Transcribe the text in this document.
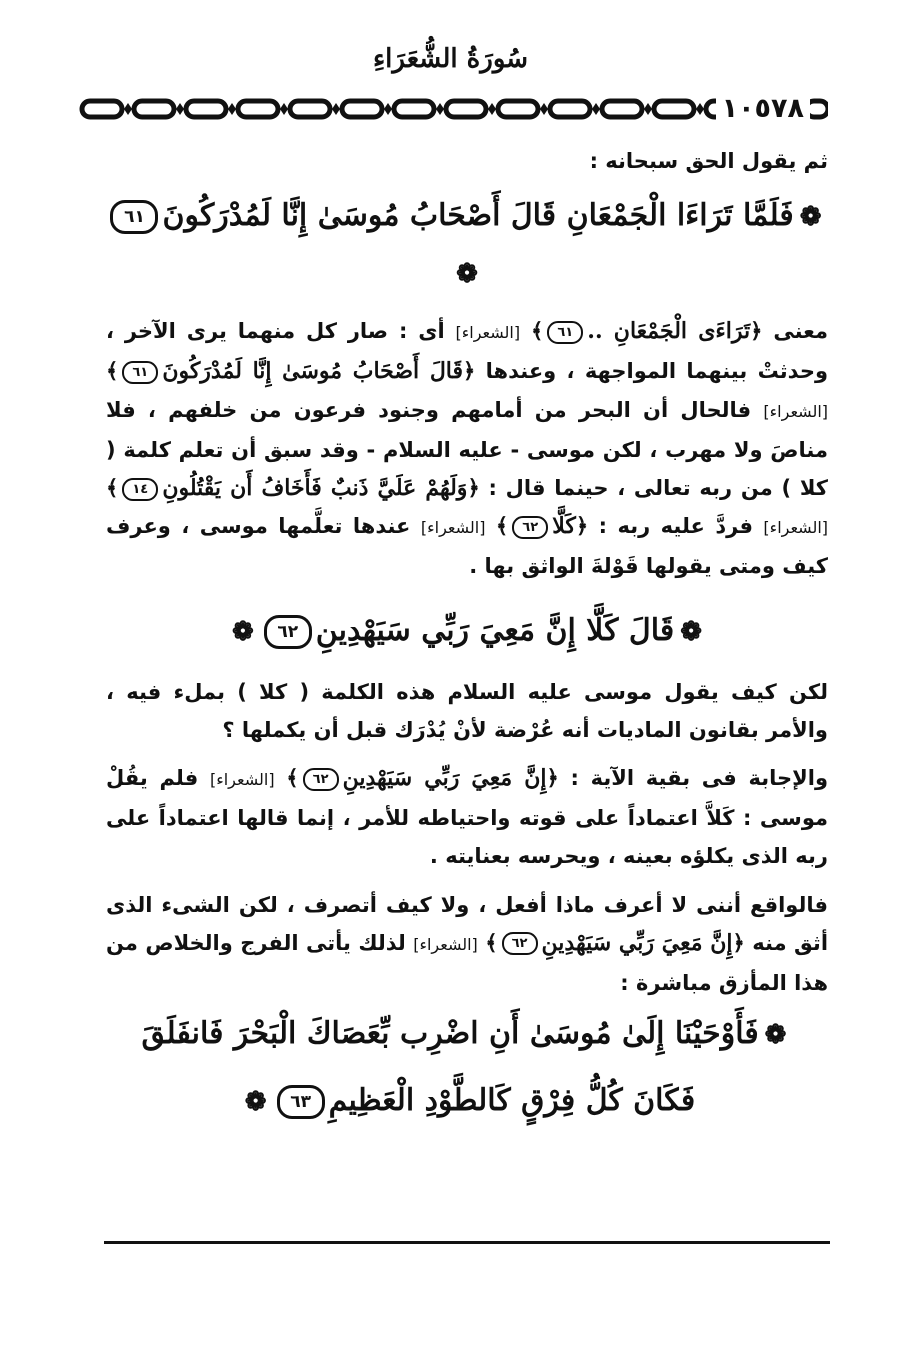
سُورَةُ الشُّعَرَاءِ
١٠٥٧٨

ثم يقول الحق سبحانه :

❁فَلَمَّا تَرَاءَا الْجَمْعَانِ قَالَ أَصْحَابُ مُوسَىٰ إِنَّا لَمُدْرَكُونَ٦١❁

معنى ﴿تَرَاءَى الْجَمْعَانِ ..٦١﴾ [الشعراء] أى : صار كل منهما يرى الآخر ، وحدثتْ بينهما المواجهة ، وعندها ﴿قَالَ أَصْحَابُ مُوسَىٰ إِنَّا لَمُدْرَكُونَ٦١﴾ [الشعراء] فالحال أن البحر من أمامهم وجنود فرعون من خلفهم ، فلا مناصَ ولا مهرب ، لكن موسى - عليه السلام - وقد سبق أن تعلم كلمة ( كلا ) من ربه تعالى ، حينما قال : ﴿وَلَهُمْ عَلَيَّ ذَنبٌ فَأَخَافُ أَن يَقْتُلُونِ١٤﴾ [الشعراء] فردَّ عليه ربه : ﴿كَلَّا٦٢﴾ [الشعراء] عندها تعلَّمها موسى ، وعرف كيف ومتى يقولها قَوْلةَ الواثق بها .

❁قَالَ كَلَّا إِنَّ مَعِيَ رَبِّي سَيَهْدِينِ٦٢❁

لكن كيف يقول موسى عليه السلام هذه الكلمة ( كلا ) بملء فيه ، والأمر بقانون الماديات أنه عُرْضة لأنْ يُدْرَك قبل أن يكملها ؟

والإجابة فى بقية الآية : ﴿إِنَّ مَعِيَ رَبِّي سَيَهْدِينِ٦٢﴾ [الشعراء] فلم يقُلْ موسى : كَلاَّ اعتماداً على قوته واحتياطه للأمر ، إنما قالها اعتماداً على ربه الذى يكلؤه بعينه ، ويحرسه بعنايته .

فالواقع أننى لا أعرف ماذا أفعل ، ولا كيف أتصرف ، لكن الشىء الذى أثق منه ﴿إِنَّ مَعِيَ رَبِّي سَيَهْدِينِ٦٢﴾ [الشعراء] لذلك يأتى الفرج والخلاص من هذا المأزق مباشرة :

❁فَأَوْحَيْنَا إِلَىٰ مُوسَىٰ أَنِ اضْرِب بِّعَصَاكَ الْبَحْرَ فَانفَلَقَ

فَكَانَ كُلُّ فِرْقٍ كَالطَّوْدِ الْعَظِيمِ٦٣❁
